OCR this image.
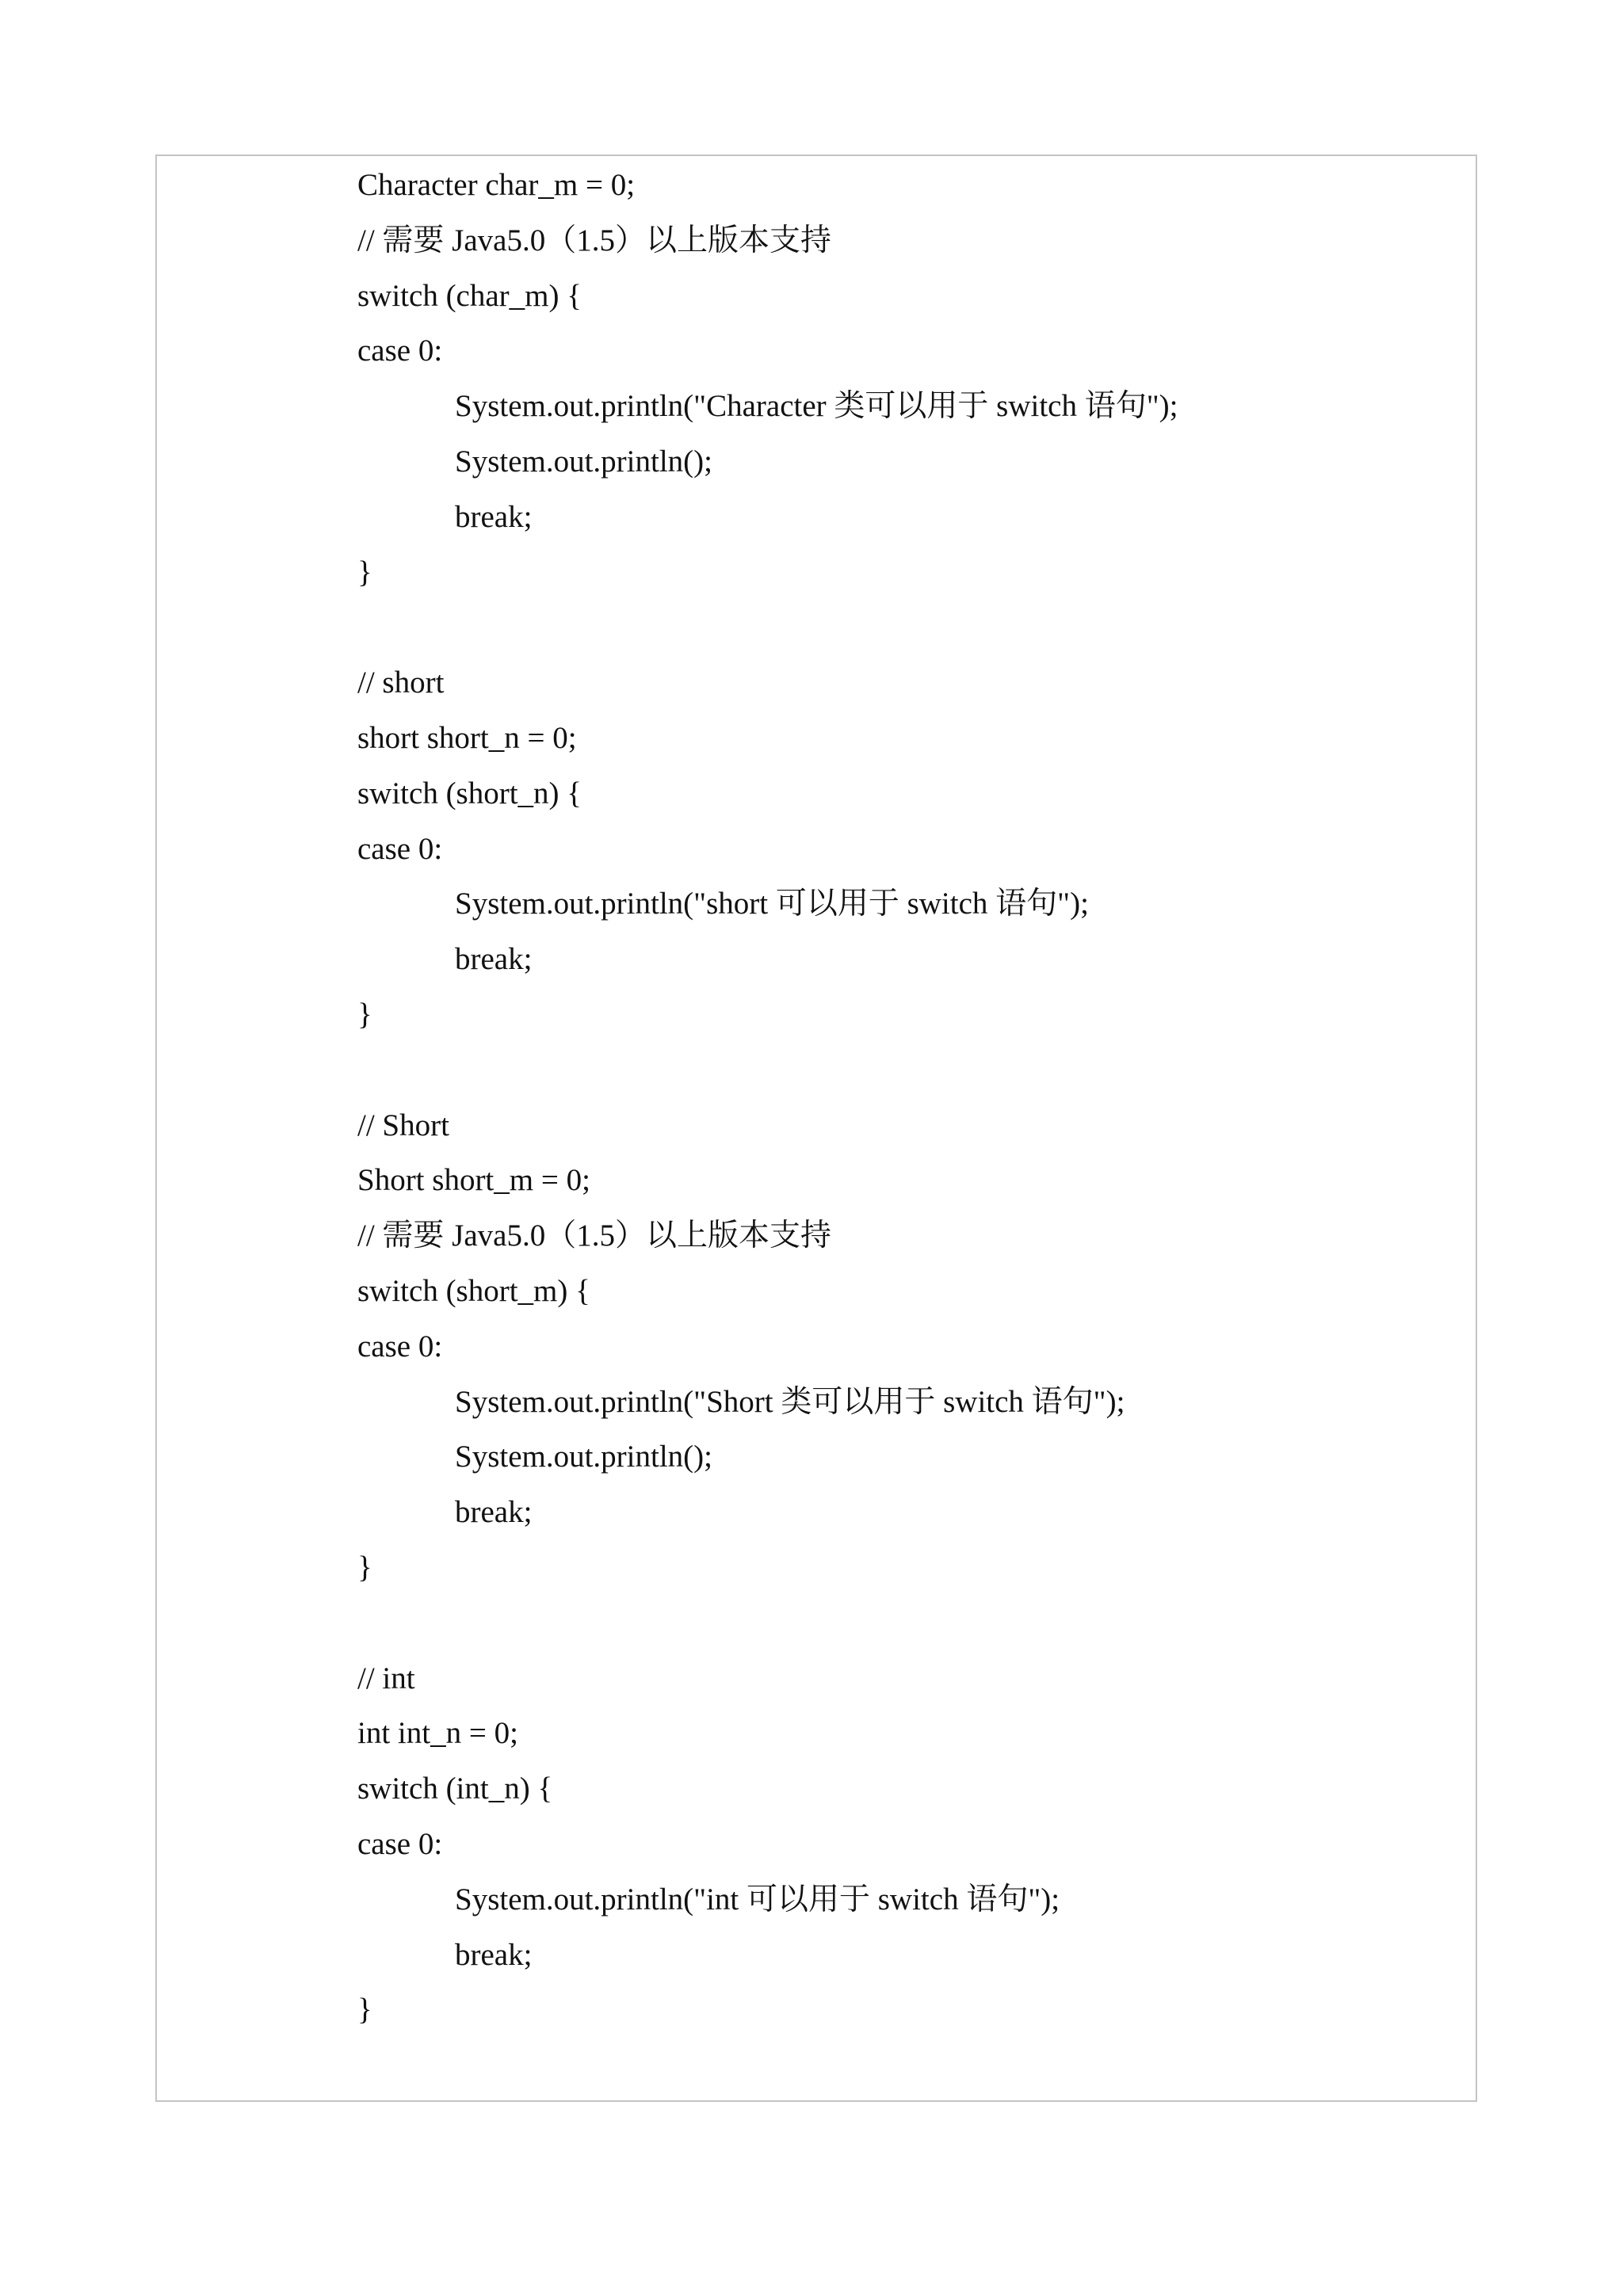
Character char_m = 0;
// 需要 Java5.0（1.5）以上版本支持
switch (char_m) {
case 0:
System.out.println("Character 类可以用于 switch 语句");
System.out.println();
break;
}
// short
short short_n = 0;
switch (short_n) {
case 0:
System.out.println("short 可以用于 switch 语句");
break;
}
// Short
Short short_m = 0;
// 需要 Java5.0（1.5）以上版本支持
switch (short_m) {
case 0:
System.out.println("Short 类可以用于 switch 语句");
System.out.println();
break;
}
// int
int int_n = 0;
switch (int_n) {
case 0:
System.out.println("int 可以用于 switch 语句");
break;
}
